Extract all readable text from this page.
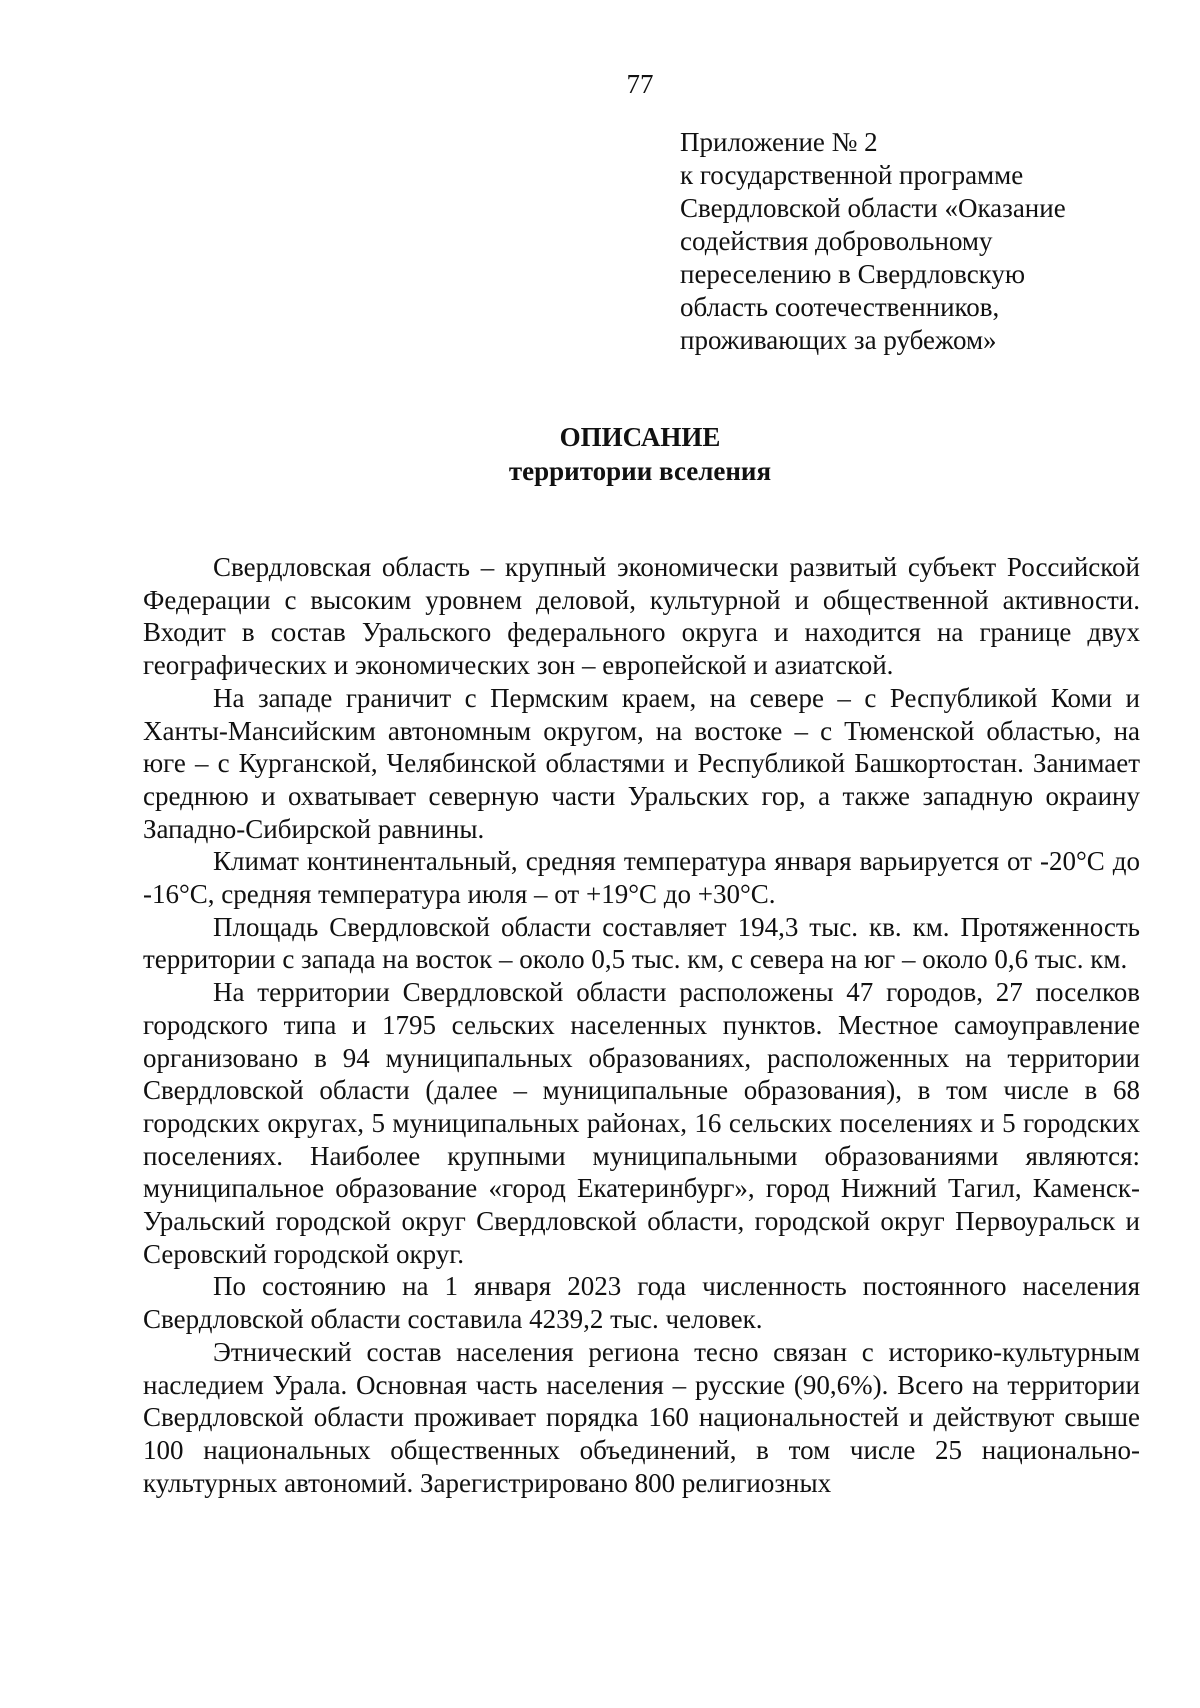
77
Приложение № 2
к государственной программе
Свердловской области «Оказание
содействия добровольному
переселению в Свердловскую
область соотечественников,
проживающих за рубежом»
ОПИСАНИЕ
территории вселения

Свердловская область – крупный экономически развитый субъект Российской Федерации с высоким уровнем деловой, культурной и общественной активности. Входит в состав Уральского федерального округа и находится на границе двух географических и экономических зон – европейской и азиатской.

На западе граничит с Пермским краем, на севере – с Республикой Коми и Ханты-Мансийским автономным округом, на востоке – с Тюменской областью, на юге – с Курганской, Челябинской областями и Республикой Башкортостан. Занимает среднюю и охватывает северную части Уральских гор, а также западную окраину Западно-Сибирской равнины.

Климат континентальный, средняя температура января варьируется от -20°C до -16°C, средняя температура июля – от +19°C до +30°C.

Площадь Свердловской области составляет 194,3 тыс. кв. км. Протяженность территории с запада на восток – около 0,5 тыс. км, с севера на юг – около 0,6 тыс. км.

На территории Свердловской области расположены 47 городов, 27 поселков городского типа и 1795 сельских населенных пунктов. Местное самоуправление организовано в 94 муниципальных образованиях, расположенных на территории Свердловской области (далее – муниципальные образования), в том числе в 68 городских округах, 5 муниципальных районах, 16 сельских поселениях и 5 городских поселениях. Наиболее крупными муниципальными образованиями являются: муниципальное образование «город Екатеринбург», город Нижний Тагил, Каменск-Уральский городской округ Свердловской области, городской округ Первоуральск и Серовский городской округ.

По состоянию на 1 января 2023 года численность постоянного населения Свердловской области составила 4239,2 тыс. человек.

Этнический состав населения региона тесно связан с историко-культурным наследием Урала. Основная часть населения – русские (90,6%). Всего на территории Свердловской области проживает порядка 160 национальностей и действуют свыше 100 национальных общественных объединений, в том числе 25 национально-культурных автономий. Зарегистрировано 800 религиозных
